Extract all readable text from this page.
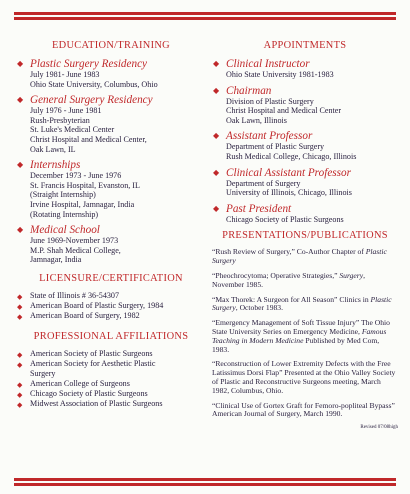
EDUCATION/TRAINING
◆ Plastic Surgery Residency
July 1981- June 1983
Ohio State University, Columbus, Ohio
◆ General Surgery Residency
July 1976 - June 1981
Rush-Presbyterian
St. Luke's Medical Center
Christ Hospital and Medical Center,
Oak Lawn, IL
◆ Internships
December 1973 - June 1976
St. Francis Hospital, Evanston, IL
(Straight Internship)
Irvine Hospital, Jamnagar, India
(Rotating Internship)
◆ Medical School
June 1969-November 1973
M.P. Shah Medical College,
Jamnagar, India
LICENSURE/CERTIFICATION
◆ State of Illinois # 36-54307
◆ American Board of Plastic Surgery, 1984
◆ American Board of Surgery, 1982
PROFESSIONAL AFFILIATIONS
◆ American Society of Plastic Surgeons
◆ American Society for Aesthetic Plastic
Surgery
◆ American College of Surgeons
◆ Chicago Society of Plastic Surgeons
◆ Midwest Association of Plastic Surgeons
APPOINTMENTS
◆ Clinical Instructor
Ohio State University 1981-1983
◆ Chairman
Division of Plastic Surgery
Christ Hospital and Medical Center
Oak Lawn, Illinois
◆ Assistant Professor
Department of Plastic Surgery
Rush Medical College, Chicago, Illinois
◆ Clinical Assistant Professor
Department of Surgery
University of Illinois, Chicago, Illinois
◆ Past President
Chicago Society of Plastic Surgeons
PRESENTATIONS/PUBLICATIONS
“Rush Review of Surgery,” Co-Author Chapter of Plastic Surgery
“Pheochrocytoma; Operative Strategies,” Surgery, November 1985.
“Max Thorek: A Surgeon for All Season” Clinics in Plastic Surgery, October 1983.
“Emergency Management of Soft Tissue Injury” The Ohio State University Series on Emergency Medicine, Famous Teaching in Modern Medicine Published by Med Com, 1983.
“Reconstruction of Lower Extremity Defects with the Free Latissimus Dorsi Flap” Presented at the Ohio Valley Society of Plastic and Reconstructive Surgeons meeting, March 1982, Columbus, Ohio.
“Clinical Use of Gortex Graft for Femoro-popliteal Bypass” American Journal of Surgery, March 1990.
Revised 07/08high
